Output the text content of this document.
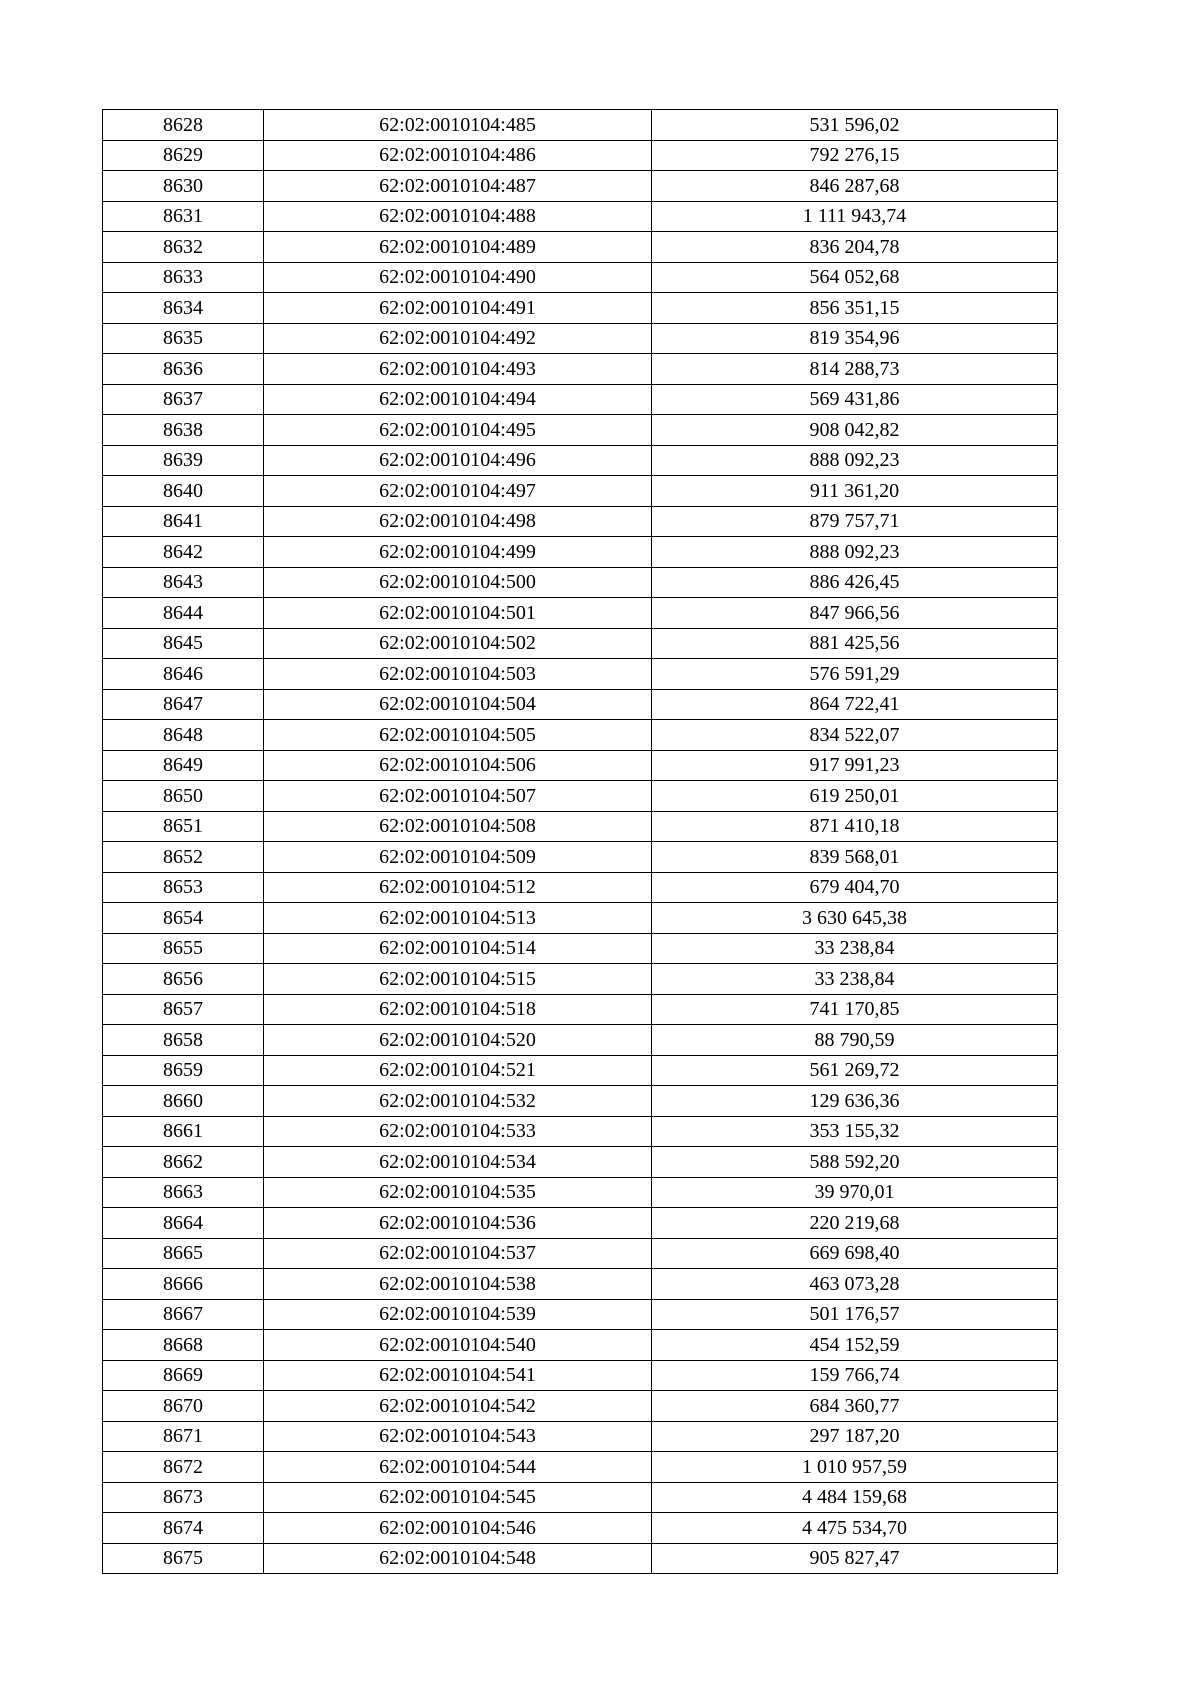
8628	62:02:0010104:485	531 596,02
8629	62:02:0010104:486	792 276,15
8630	62:02:0010104:487	846 287,68
8631	62:02:0010104:488	1 111 943,74
8632	62:02:0010104:489	836 204,78
8633	62:02:0010104:490	564 052,68
8634	62:02:0010104:491	856 351,15
8635	62:02:0010104:492	819 354,96
8636	62:02:0010104:493	814 288,73
8637	62:02:0010104:494	569 431,86
8638	62:02:0010104:495	908 042,82
8639	62:02:0010104:496	888 092,23
8640	62:02:0010104:497	911 361,20
8641	62:02:0010104:498	879 757,71
8642	62:02:0010104:499	888 092,23
8643	62:02:0010104:500	886 426,45
8644	62:02:0010104:501	847 966,56
8645	62:02:0010104:502	881 425,56
8646	62:02:0010104:503	576 591,29
8647	62:02:0010104:504	864 722,41
8648	62:02:0010104:505	834 522,07
8649	62:02:0010104:506	917 991,23
8650	62:02:0010104:507	619 250,01
8651	62:02:0010104:508	871 410,18
8652	62:02:0010104:509	839 568,01
8653	62:02:0010104:512	679 404,70
8654	62:02:0010104:513	3 630 645,38
8655	62:02:0010104:514	33 238,84
8656	62:02:0010104:515	33 238,84
8657	62:02:0010104:518	741 170,85
8658	62:02:0010104:520	88 790,59
8659	62:02:0010104:521	561 269,72
8660	62:02:0010104:532	129 636,36
8661	62:02:0010104:533	353 155,32
8662	62:02:0010104:534	588 592,20
8663	62:02:0010104:535	39 970,01
8664	62:02:0010104:536	220 219,68
8665	62:02:0010104:537	669 698,40
8666	62:02:0010104:538	463 073,28
8667	62:02:0010104:539	501 176,57
8668	62:02:0010104:540	454 152,59
8669	62:02:0010104:541	159 766,74
8670	62:02:0010104:542	684 360,77
8671	62:02:0010104:543	297 187,20
8672	62:02:0010104:544	1 010 957,59
8673	62:02:0010104:545	4 484 159,68
8674	62:02:0010104:546	4 475 534,70
8675	62:02:0010104:548	905 827,47
